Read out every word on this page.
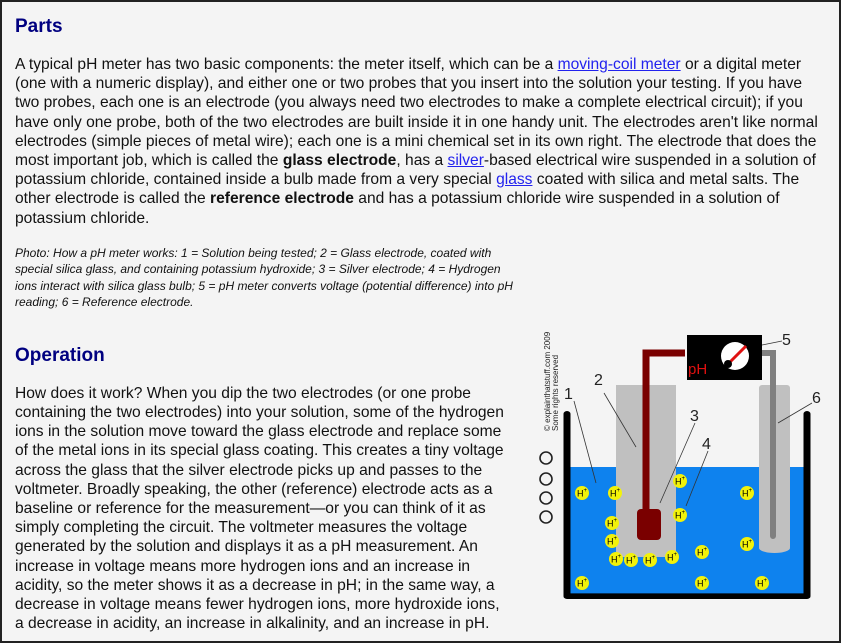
Parts

A typical pH meter has two basic components: the meter itself, which can be a moving-coil meter or a digital meter (one with a numeric display), and either one or two probes that you insert into the solution your testing. If you have two probes, each one is an electrode (you always need two electrodes to make a complete electrical circuit); if you have only one probe, both of the two electrodes are built inside it in one handy unit. The electrodes aren't like normal electrodes (simple pieces of metal wire); each one is a mini chemical set in its own right. The electrode that does the most important job, which is called the glass electrode, has a silver-based electrical wire suspended in a solution of potassium chloride, contained inside a bulb made from a very special glass coated with silica and metal salts. The other electrode is called the reference electrode and has a potassium chloride wire suspended in a solution of potassium chloride.

Photo: How a pH meter works: 1 = Solution being tested; 2 = Glass electrode, coated with special silica glass, and containing potassium hydroxide; 3 = Silver electrode; 4 = Hydrogen ions interact with silica glass bulb; 5 = pH meter converts voltage (potential difference) into pH reading; 6 = Reference electrode.
pH
1
2
3
4
5
6
H +	H +
H +
H +
H +
H +
H + H + H + H + H +
H +
H +
H +	H +	H +
© explainthatstuff.com 2009 Some rights reserved
Operation

How does it work? When you dip the two electrodes (or one probe containing the two electrodes) into your solution, some of the hydrogen ions in the solution move toward the glass electrode and replace some of the metal ions in its special glass coating. This creates a tiny voltage across the glass that the silver electrode picks up and passes to the voltmeter. Broadly speaking, the other (reference) electrode acts as a baseline or reference for the measurement—or you can think of it as simply completing the circuit. The voltmeter measures the voltage generated by the solution and displays it as a pH measurement. An increase in voltage means more hydrogen ions and an increase in acidity, so the meter shows it as a decrease in pH; in the same way, a decrease in voltage means fewer hydrogen ions, more hydroxide ions, a decrease in acidity, an increase in alkalinity, and an increase in pH.
